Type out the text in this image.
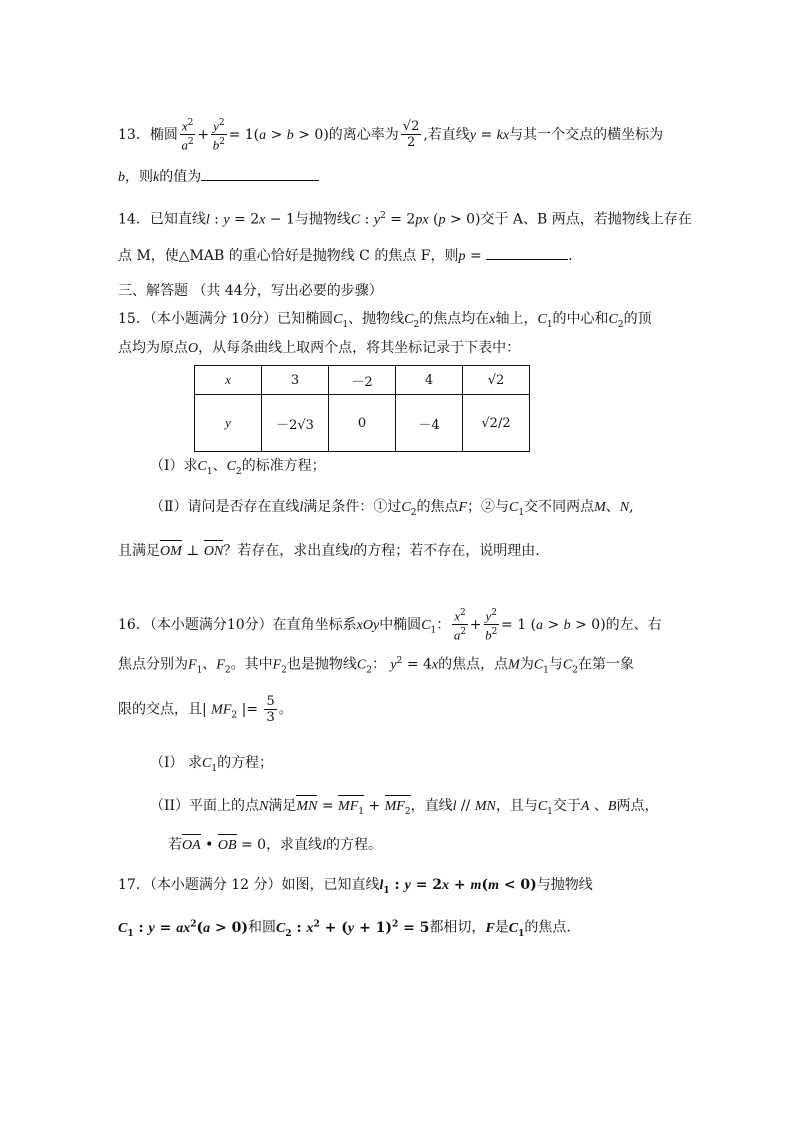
13．椭圆 $\frac{x^2}{a^2} + \frac{y^2}{b^2} = 1(a > b > 0)$的离心率为 $\frac{√2}{2}$ ,若直线y = kx与其一个交点的横坐标为
b，则k的值为
14．已知直线l : y = 2x − 1与抛物线C : $y^2 = 2px$ (p > 0)交于 A、B 两点，若抛物线上存在
点 M，使△MAB 的重心恰好是抛物线 C 的焦点 F，则p =	.
三、解答题 （共 44分，写出必要的步骤）
15．（本小题满分 10分）已知椭圆$C_1$、抛物线$C_2$的焦点均在x轴上，$C_1$的中心和$C_2$的顶
点均为原点O，从每条曲线上取两个点，将其坐标记录于下表中：
x	3	－2	4	√2
y	－2√3	0	－4	√2/2
（Ⅰ）求$C_1$、$C_2$的标准方程；
（Ⅱ）请问是否存在直线l满足条件：①过$C_2$的焦点F；②与$C_1$交不同两点M、N,
且满足OM ⊥ ON？若存在，求出直线l的方程；若不存在，说明理由.
16．（本小题满分10分）在直角坐标系xOy中椭圆$C_1$： $\frac{x^2}{a^2} + \frac{y^2}{b^2} = 1$ (a > b > 0)的左、右
焦点分别为$F_1$、$F_2$。其中$F_2$也是抛物线$C_2$： $y^2 = 4x$的焦点，点M为$C_1$与$C_2$在第一象
限的交点，且| $MF_2$ |= $\frac{5}{3}$ 。
（I） 求$C_1$的方程；
（II）平面上的点N满足MN = $MF_1 + MF_2$，直线l // MN，且与$C_1$交于A 、B两点，
若OA • OB = 0，求直线l的方程。
17．（本小题满分 12 分）如图，已知直线$l_1$ : y = 2x + m(m < 0)与抛物线
$C_1$ : $y = ax^2(a > 0)$和圆$C_2$ : $x^2 + (y + 1)^2 = 5$都相切，F是$C_1$的焦点.
